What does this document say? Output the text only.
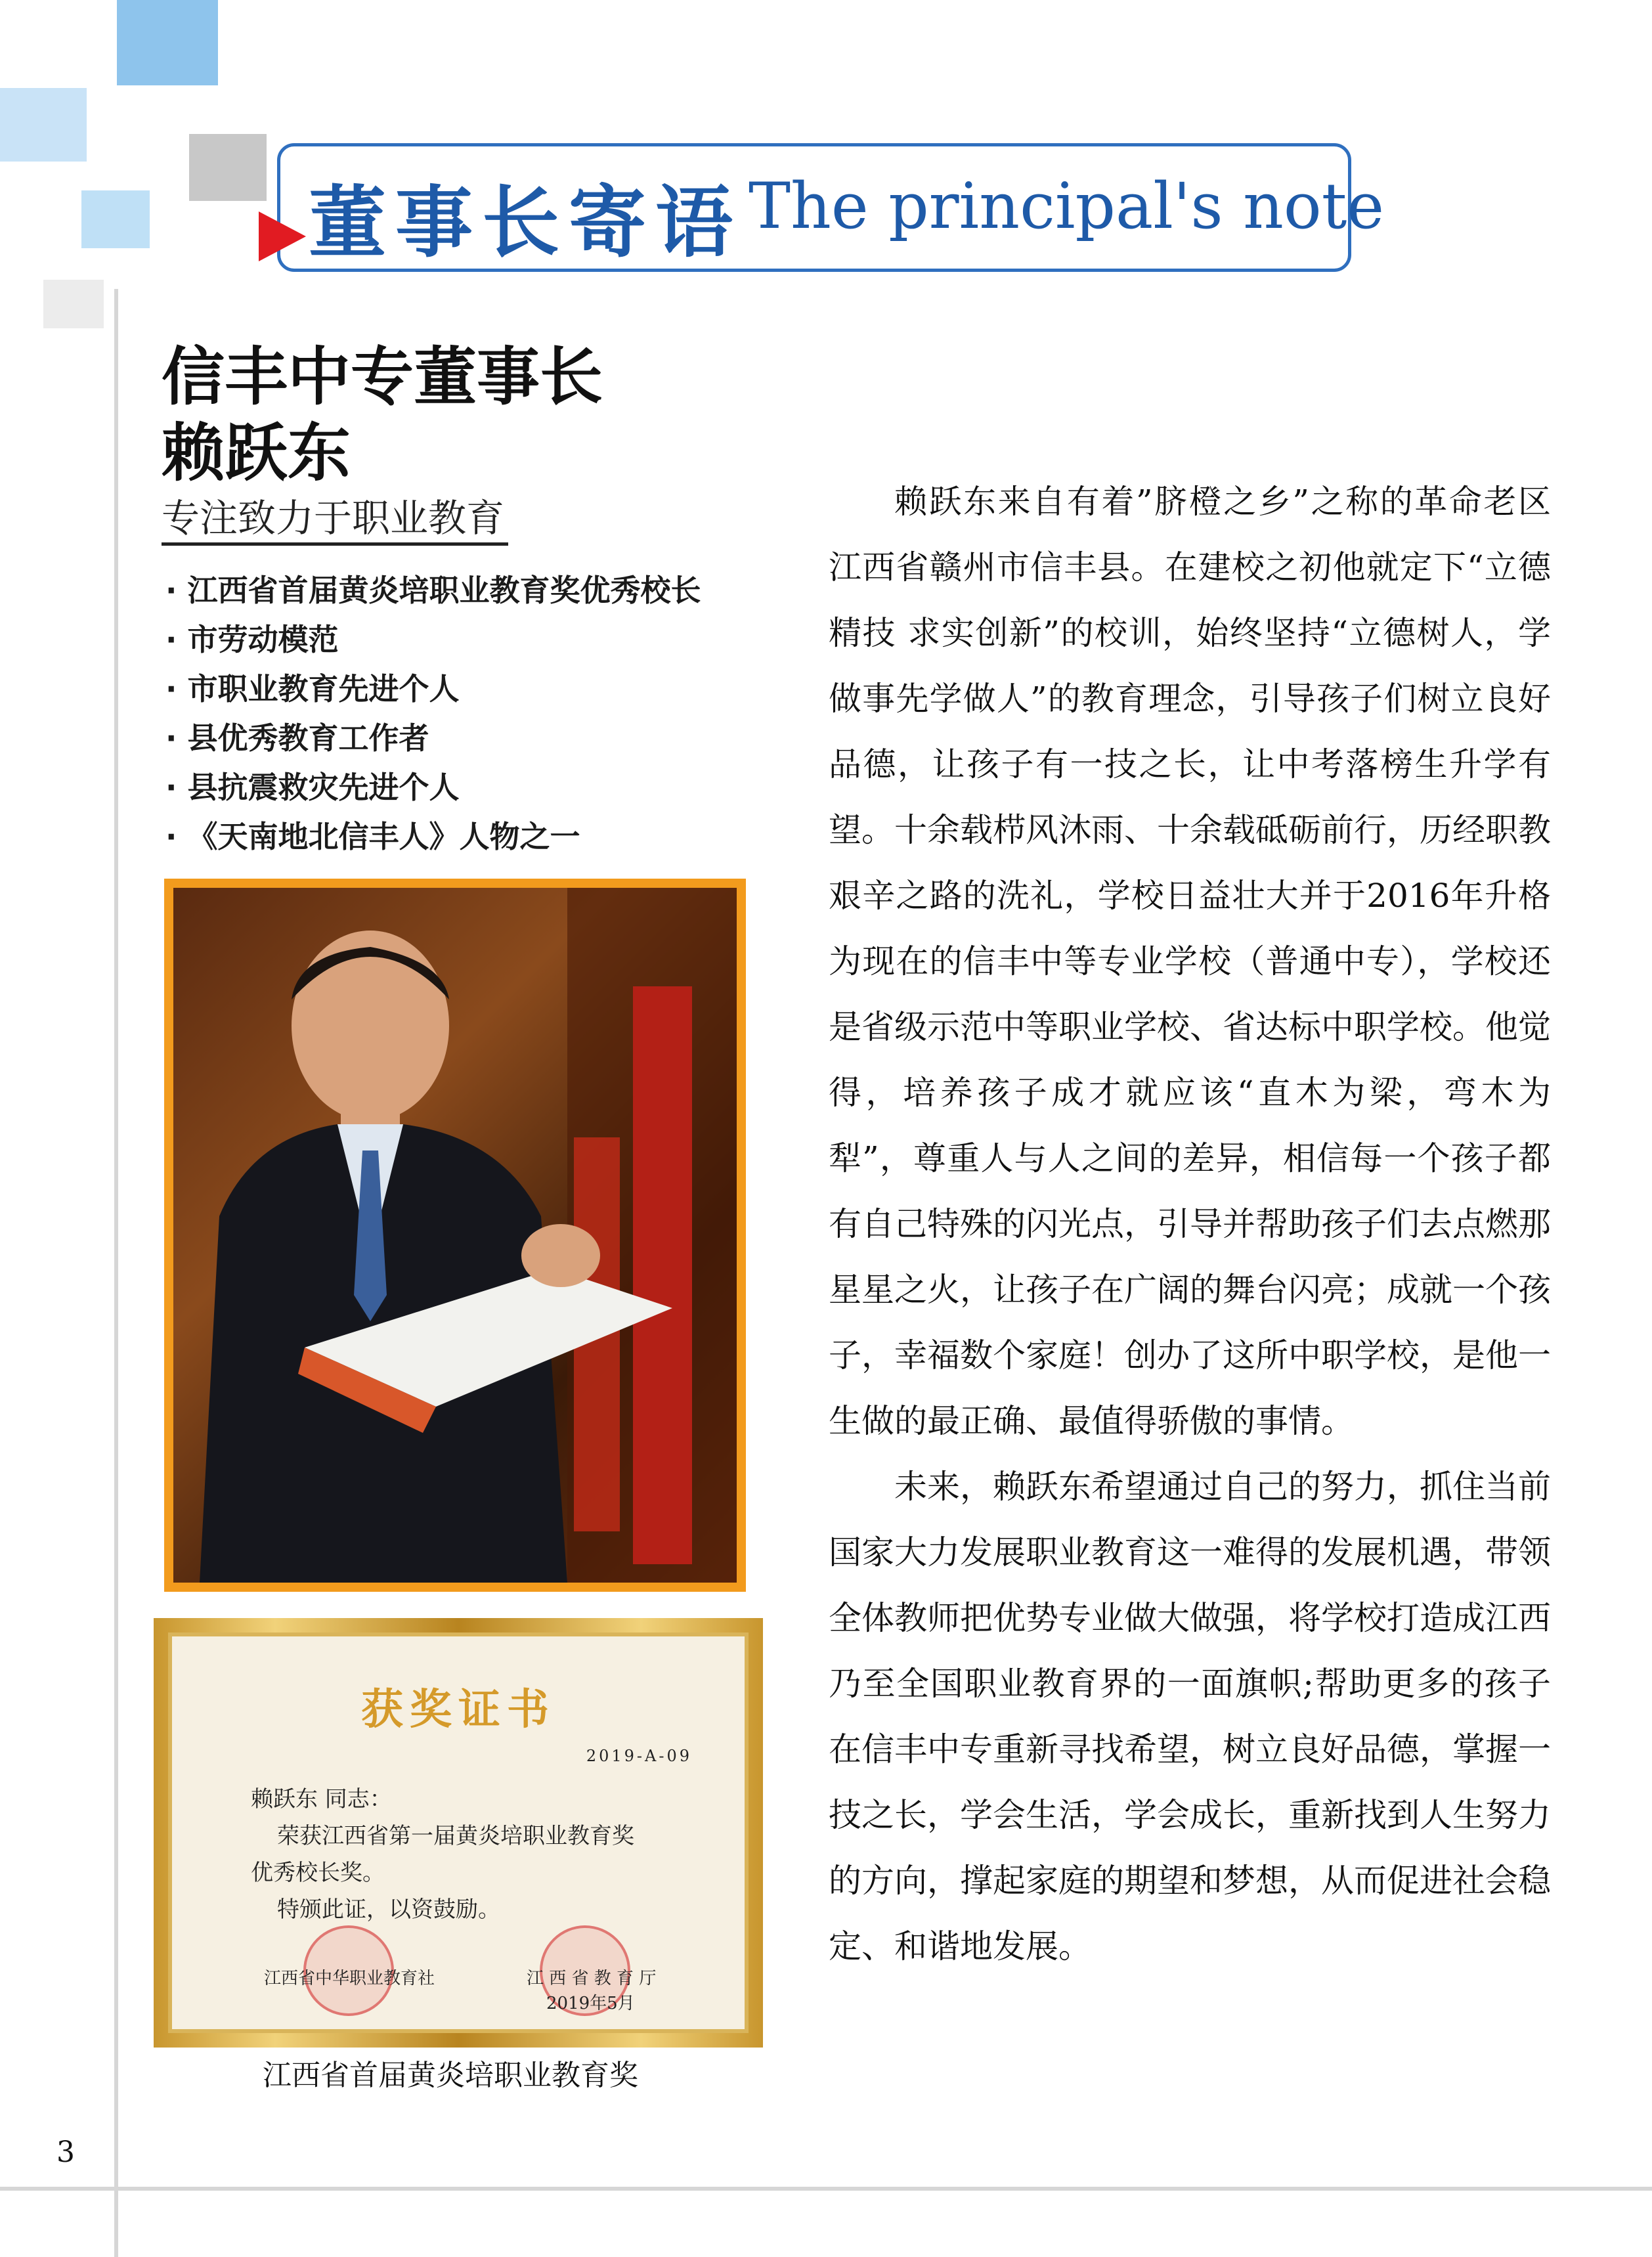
董事长寄语 The principal's note
信丰中专董事长
赖跃东
专注致力于职业教育
· 江西省首届黄炎培职业教育奖优秀校长
· 市劳动模范
· 市职业教育先进个人
· 县优秀教育工作者
· 县抗震救灾先进个人
· 《天南地北信丰人》人物之一
获奖证书
2019-A-09
赖跃东 同志：
荣获江西省第一届黄炎培职业教育奖
优秀校长奖。
特颁此证，以资鼓励。
江西省中华职业教育社	江 西 省 教 育 厅
2019年5月
江西省首届黄炎培职业教育奖

赖跃东来自有着”脐橙之乡”之称的革命老区江西省赣州市信丰县。在建校之初他就定下“立德精技 求实创新”的校训，始终坚持“立德树人，学做事先学做人”的教育理念，引导孩子们树立良好品德，让孩子有一技之长，让中考落榜生升学有望。十余载栉风沐雨、十余载砥砺前行，历经职教艰辛之路的洗礼，学校日益壮大并于2016年升格为现在的信丰中等专业学校（普通中专），学校还是省级示范中等职业学校、省达标中职学校。他觉得，培养孩子成才就应该“直木为梁，弯木为犁”，尊重人与人之间的差异，相信每一个孩子都有自己特殊的闪光点，引导并帮助孩子们去点燃那星星之火，让孩子在广阔的舞台闪亮；成就一个孩子，幸福数个家庭！创办了这所中职学校，是他一生做的最正确、最值得骄傲的事情。

未来，赖跃东希望通过自己的努力，抓住当前国家大力发展职业教育这一难得的发展机遇，带领全体教师把优势专业做大做强，将学校打造成江西乃至全国职业教育界的一面旗帜;帮助更多的孩子在信丰中专重新寻找希望，树立良好品德，掌握一技之长，学会生活，学会成长，重新找到人生努力的方向，撑起家庭的期望和梦想，从而促进社会稳定、和谐地发展。

3
